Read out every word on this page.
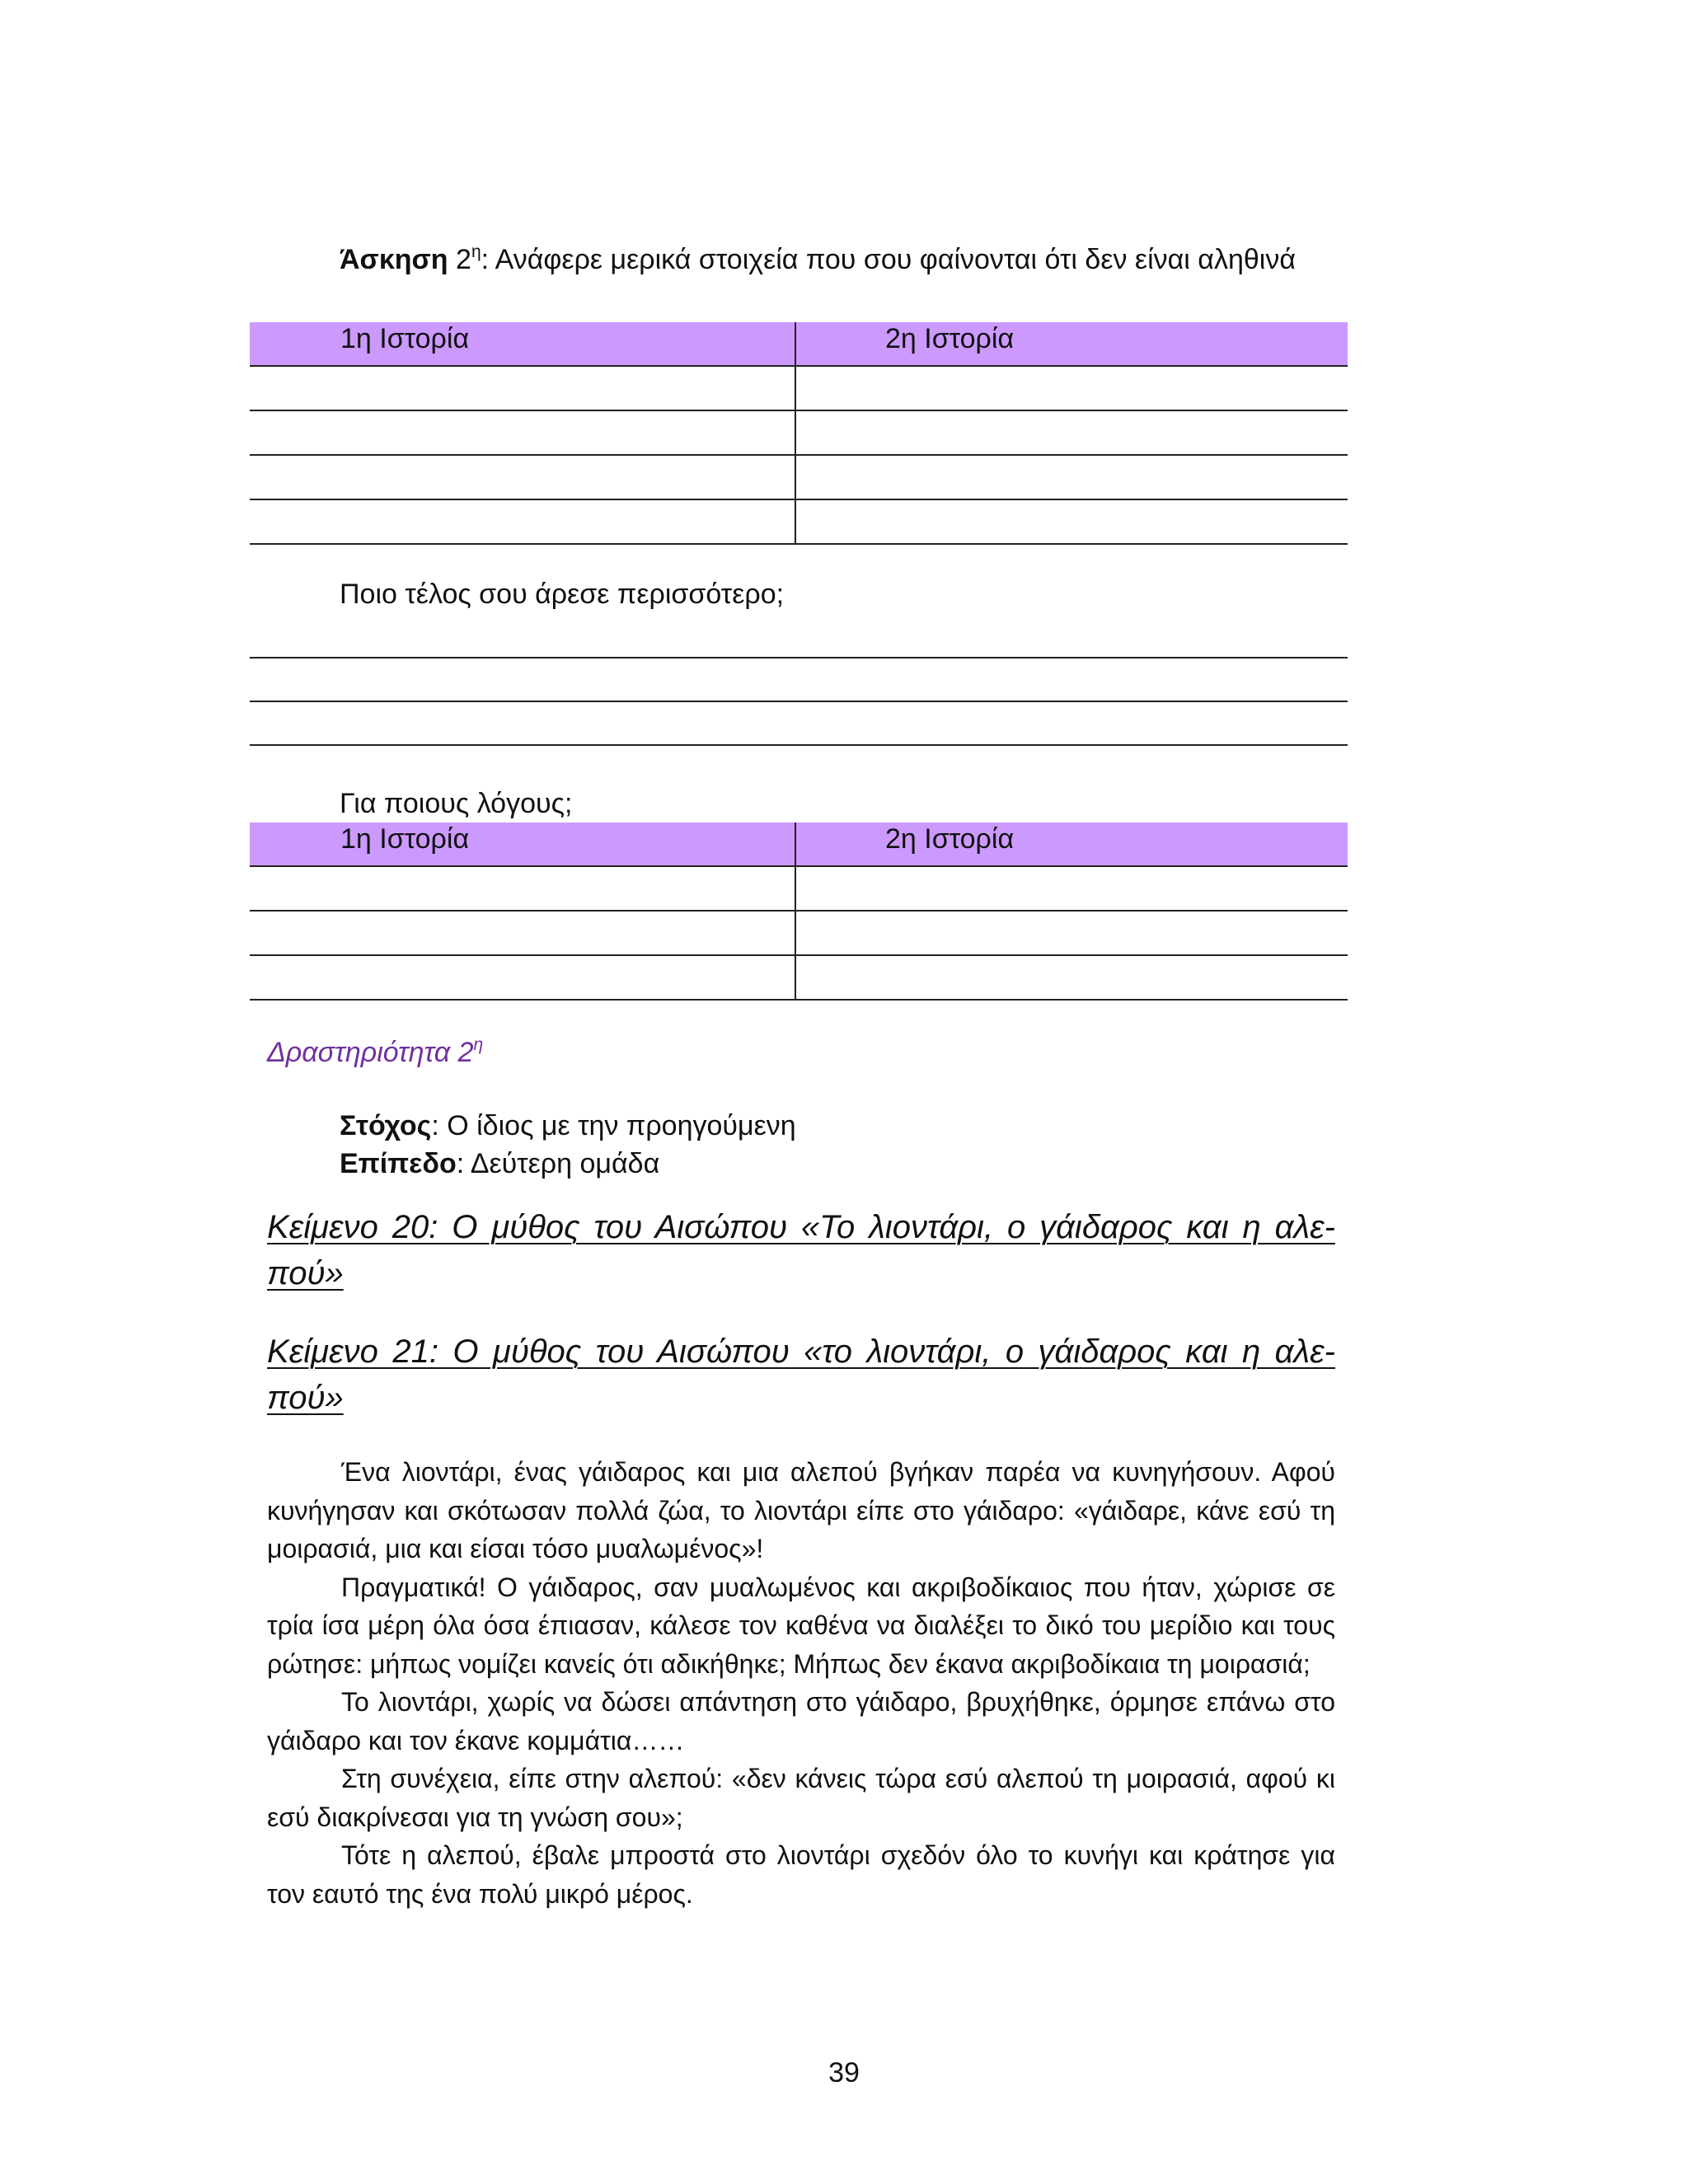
Άσκηση $2^\eta$: Ανάφερε μερικά στοιχεία που σου φαίνονται ότι δεν είναι αληθινά
1η Ιστορία	2η Ιστορία

Ποιο τέλος σου άρεσε περισσότερο;
Για ποιους λόγους;
1η Ιστορία	2η Ιστορία

Δραστηριότητα $2^\eta$
Στόχος: Ο ίδιος με την προηγούμενη
Επίπεδο: Δεύτερη ομάδα
Κείμενο 20: Ο μύθος του Αισώπου «Το λιοντάρι, ο γάιδαρος και η αλε-πού»
Κείμενο 21: Ο μύθος του Αισώπου «το λιοντάρι, ο γάιδαρος και η αλε-πού»

Ένα λιοντάρι, ένας γάιδαρος και μια αλεπού βγήκαν παρέα να κυνηγήσουν. Αφού κυνήγησαν και σκότωσαν πολλά ζώα, το λιοντάρι είπε στο γάιδαρο: «γάιδαρε, κάνε εσύ τη μοιρασιά, μια και είσαι τόσο μυαλωμένος»!

Πραγματικά! Ο γάιδαρος, σαν μυαλωμένος και ακριβοδίκαιος που ήταν, χώρισε σε τρία ίσα μέρη όλα όσα έπιασαν, κάλεσε τον καθένα να διαλέξει το δικό του μερίδιο και τους ρώτησε: μήπως νομίζει κανείς ότι αδικήθηκε; Μήπως δεν έκανα ακριβοδίκαια τη μοιρασιά;

Το λιοντάρι, χωρίς να δώσει απάντηση στο γάιδαρο, βρυχήθηκε, όρμησε επάνω στο γάιδαρο και τον έκανε κομμάτια……

Στη συνέχεια, είπε στην αλεπού: «δεν κάνεις τώρα εσύ αλεπού τη μοιρασιά, αφού κι εσύ διακρίνεσαι για τη γνώση σου»;

Τότε η αλεπού, έβαλε μπροστά στο λιοντάρι σχεδόν όλο το κυνήγι και κράτησε για τον εαυτό της ένα πολύ μικρό μέρος.

39
